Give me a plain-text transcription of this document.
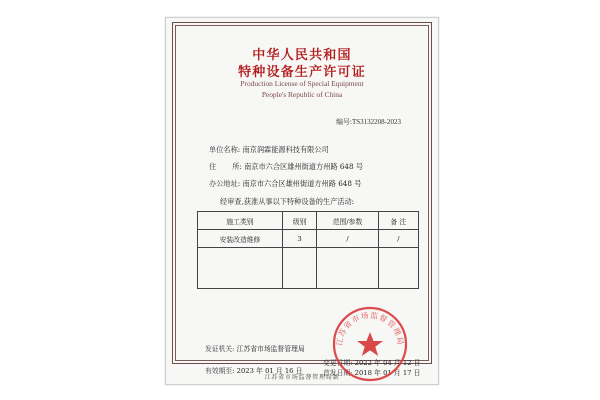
中华人民共和国
特种设备生产许可证
Production License of Special Equipment
People's Republic of China
编号:TS3132208-2023
单位名称: 南京润霖能源科技有限公司
住 所: 南京市六合区雄州街道方州路 648 号
办公地址: 南京市六合区雄州街道方州路 648 号
经审查,获准从事以下特种设备的生产活动:
施工类别	级别	范围/参数	备 注
安装改造维修	3	/	/

发证机关: 江苏省市场监督管理局
有效期至: 2023 年 01 月 16 日
变更日期: 2022 年 04 月 12 日
首发日期: 2018 年 01 月 17 日
江苏省市场监督管理局
江苏省市场监督管理局制
